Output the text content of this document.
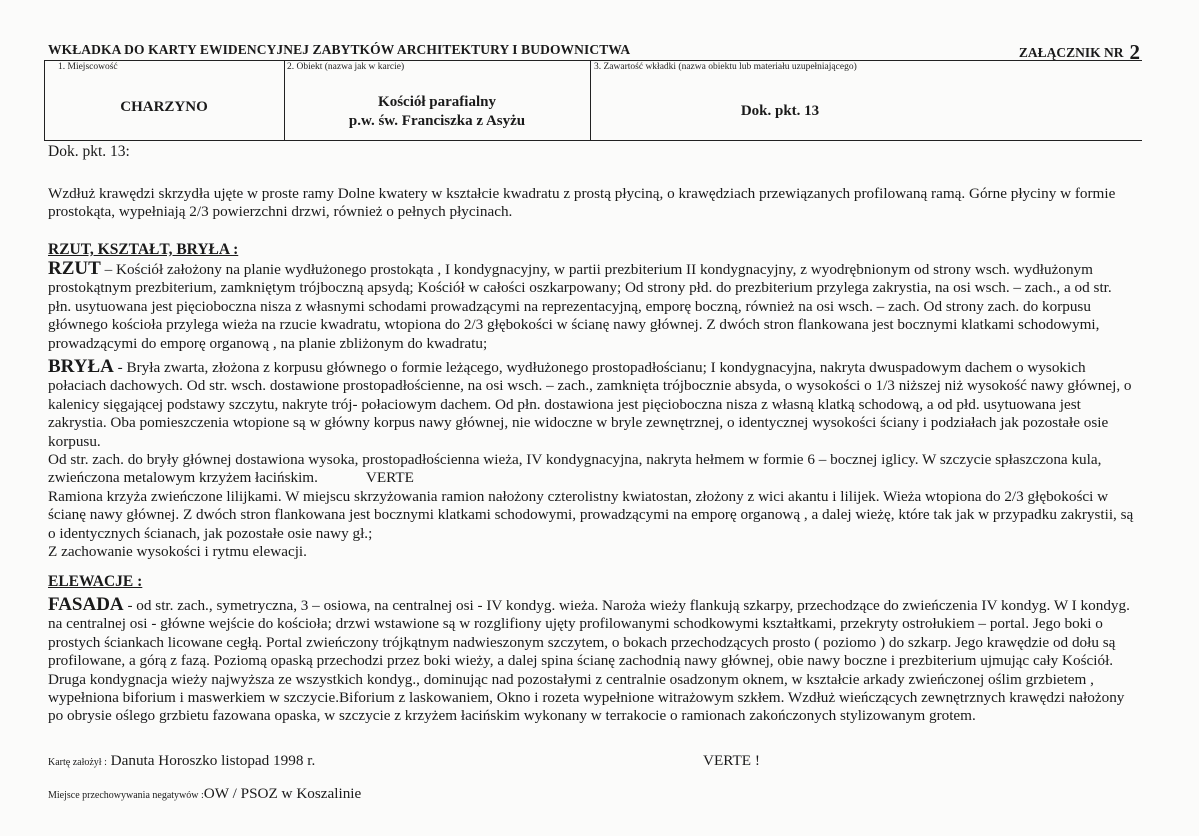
WKŁADKA DO KARTY EWIDENCYJNEJ ZABYTKÓW ARCHITEKTURY I BUDOWNICTWA	ZAŁĄCZNIK NR 2
1. Miejscowość
CHARZYNO
2. Obiekt (nazwa jak w karcie)
Kościół parafialny
p.w. św. Franciszka z Asyżu
3. Zawartość wkładki (nazwa obiektu lub materiału uzupełniającego)
Dok. pkt. 13
Dok. pkt. 13:

Wzdłuż krawędzi skrzydła ujęte w proste ramy Dolne kwatery w kształcie kwadratu z prostą płyciną, o krawędziach przewiązanych profilowaną ramą. Górne płyciny w formie prostokąta, wypełniają 2/3 powierzchni drzwi, również o pełnych płycinach.

RZUT, KSZTAŁT, BRYŁA :

RZUT – Kościół założony na planie wydłużonego prostokąta , I kondygnacyjny, w partii prezbiterium II kondygnacyjny, z wyodrębnionym od strony wsch. wydłużonym prostokątnym prezbiterium, zamkniętym trójboczną apsydą; Kościół w całości oszkarpowany; Od strony płd. do prezbiterium przylega zakrystia, na osi wsch. – zach., a od str. płn. usytuowana jest pięcioboczna nisza z własnymi schodami prowadzącymi na reprezentacyjną, emporę boczną, również na osi wsch. – zach. Od strony zach. do korpusu głównego kościoła przylega wieża na rzucie kwadratu, wtopiona do 2/3 głębokości w ścianę nawy głównej. Z dwóch stron flankowana jest bocznymi klatkami schodowymi, prowadzącymi do emporę organową , na planie zbliżonym do kwadratu;

BRYŁA - Bryła zwarta, złożona z korpusu głównego o formie leżącego, wydłużonego prostopadłościanu; I kondygnacyjna, nakryta dwuspadowym dachem o wysokich połaciach dachowych. Od str. wsch. dostawione prostopadłościenne, na osi wsch. – zach., zamknięta trójbocznie absyda, o wysokości o 1/3 niższej niż wysokość nawy głównej, o kalenicy sięgającej podstawy szczytu, nakryte trój- połaciowym dachem. Od płn. dostawiona jest pięcioboczna nisza z własną klatką schodową, a od płd. usytuowana jest zakrystia. Oba pomieszczenia wtopione są w główny korpus nawy głównej, nie widoczne w bryle zewnętrznej, o identycznej wysokości ściany i podziałach jak pozostałe osie korpusu.

Od str. zach. do bryły głównej dostawiona wysoka, prostopadłościenna wieża, IV kondygnacyjna, nakryta hełmem w formie 6 – bocznej iglicy. W szczycie spłaszczona kula, zwieńczona metalowym krzyżem łacińskim.	VERTE

Ramiona krzyża zwieńczone lilijkami. W miejscu skrzyżowania ramion nałożony czterolistny kwiatostan, złożony z wici akantu i lilijek. Wieża wtopiona do 2/3 głębokości w ścianę nawy głównej. Z dwóch stron flankowana jest bocznymi klatkami schodowymi, prowadzącymi na emporę organową , a dalej wieżę, które tak jak w przypadku zakrystii, są o identycznych ścianach, jak pozostałe osie nawy gł.;

Z zachowanie wysokości i rytmu elewacji.

ELEWACJE :

FASADA - od str. zach., symetryczna, 3 – osiowa, na centralnej osi - IV kondyg. wieża. Naroża wieży flankują szkarpy, przechodzące do zwieńczenia IV kondyg. W I kondyg. na centralnej osi - główne wejście do kościoła; drzwi wstawione są w rozglifiony ujęty profilowanymi schodkowymi kształtkami, przekryty ostrołukiem – portal. Jego boki o prostych ściankach licowane cegłą. Portal zwieńczony trójkątnym nadwieszonym szczytem, o bokach przechodzących prosto ( poziomo ) do szkarp. Jego krawędzie od dołu są profilowane, a górą z fazą. Poziomą opaską przechodzi przez boki wieży, a dalej spina ścianę zachodnią nawy głównej, obie nawy boczne i prezbiterium ujmując cały Kościół. Druga kondygnacja wieży najwyższa ze wszystkich kondyg., dominując nad pozostałymi z centralnie osadzonym oknem, w kształcie arkady zwieńczonej oślim grzbietem , wypełniona biforium i maswerkiem w szczycie.Biforium z laskowaniem, Okno i rozeta wypełnione witrażowym szkłem. Wzdłuż wieńczących zewnętrznych krawędzi nałożony po obrysie oślego grzbietu fazowana opaska, w szczycie z krzyżem łacińskim wykonany w terrakocie o ramionach zakończonych stylizowanym grotem.

Kartę założył : Danuta Horoszko listopad 1998 r.	VERTE !
Miejsce przechowywania negatywów :OW / PSOZ w Koszalinie
